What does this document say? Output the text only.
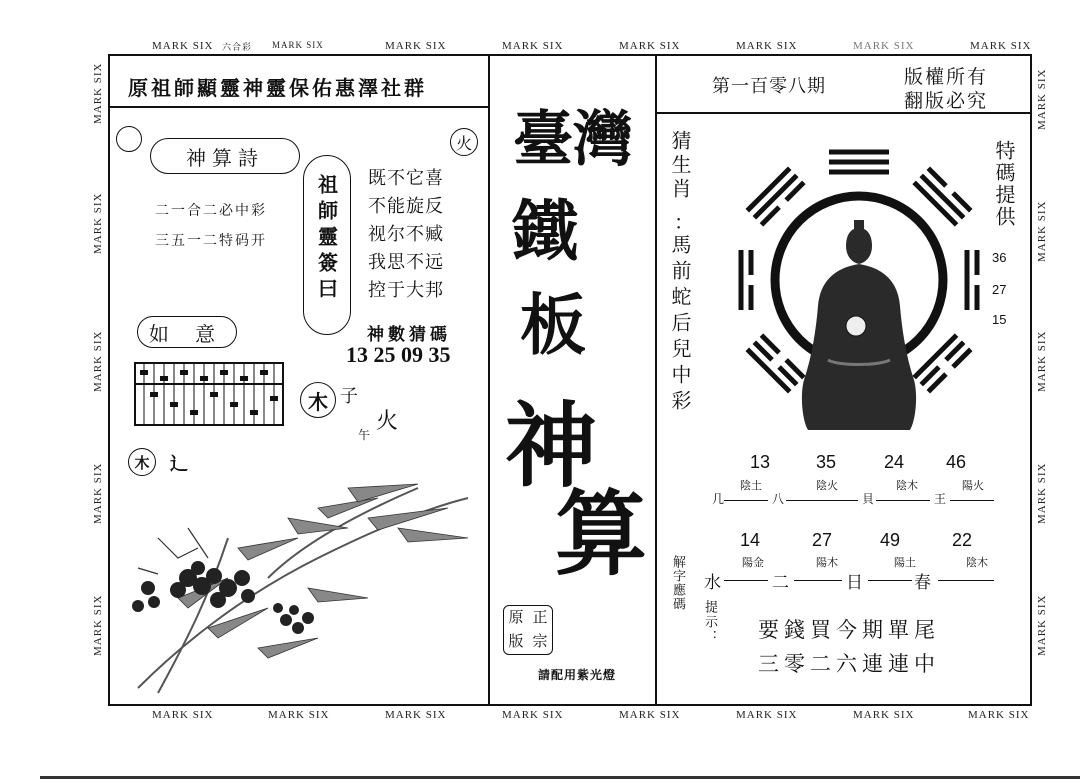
MARK SIX 六合彩 MARK SIX	MARK SIX	MARK SIX	MARK SIX	MARK SIX	MARK SIX	MARK SIX
MARK SIX	MARK SIX	MARK SIX	MARK SIX	MARK SIX	MARK SIX	MARK SIX	MARK SIX
MARK SIX
MARK SIX
MARK SIX
MARK SIX
MARK SIX
MARK SIX
MARK SIX
MARK SIX
MARK SIX
MARK SIX
原祖師顯靈神靈保佑惠澤社群
神算詩
火
二一合二必中彩
三五一二特码开 祖師靈簽曰 既不它喜
不能旋反
视尔不臧
我思不远
控于大邦
神數猜碼
13 25 09 35
如 意
木 子
火
午
木 辶
臺灣
鐵
板
神
算
原 正
版 宗
請配用紫光燈
第一百零八期	版權所有
翻版必究
猜生肖
：
馬前蛇后兒中彩
特碼提供
36
27
15
13	35	24 46
陰土	陰火	陰木	陽火
几	八	貝	王
14	27	49	22
陽金	陽木	陽土	陰木
水	二	日	春
解字應碼
提示： 要錢買今期單尾
三零二六連連中
